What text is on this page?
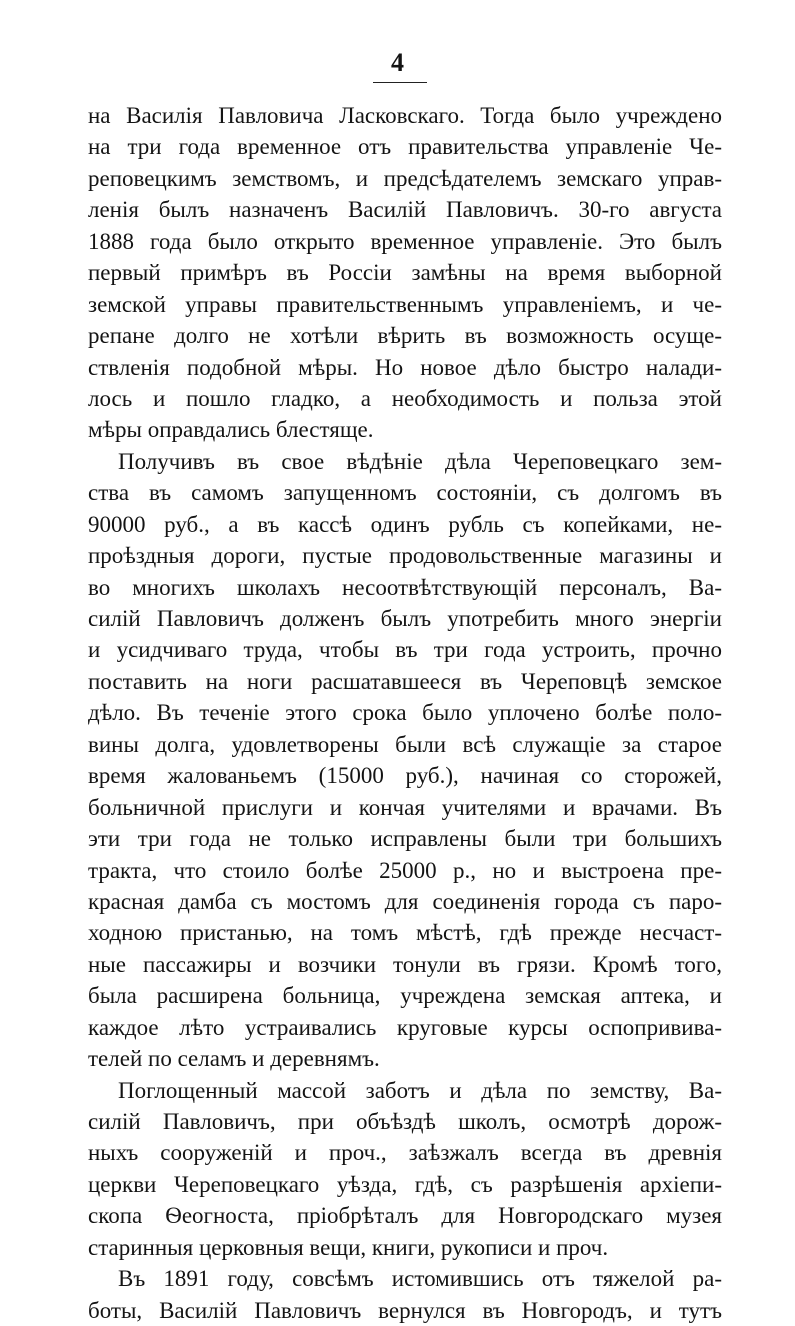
4
на Василія Павловича Ласковскаго. Тогда было учреждено
на три года временное отъ правительства управленіе Че-
реповецкимъ земствомъ, и предсѣдателемъ земскаго управ-
ленія былъ назначенъ Василій Павловичъ. 30-го августа
1888 года было открыто временное управленіе. Это былъ
первый примѣръ въ Россіи замѣны на время выборной
земской управы правительственнымъ управленіемъ, и че-
репане долго не хотѣли вѣрить въ возможность осуще-
ствленія подобной мѣры. Но новое дѣло быстро налади-
лось и пошло гладко, а необходимость и польза этой
мѣры оправдались блестяще.
Получивъ въ свое вѣдѣніе дѣла Череповецкаго зем-
ства въ самомъ запущенномъ состояніи, съ долгомъ въ
90000 руб., а въ кассѣ одинъ рубль съ копейками, не-
проѣздныя дороги, пустые продовольственные магазины и
во многихъ школахъ несоотвѣтствующій персоналъ, Ва-
силій Павловичъ долженъ былъ употребить много энергіи
и усидчиваго труда, чтобы въ три года устроить, прочно
поставить на ноги расшатавшееся въ Череповцѣ земское
дѣло. Въ теченіе этого срока было уплочено болѣе поло-
вины долга, удовлетворены были всѣ служащіе за старое
время жалованьемъ (15000 руб.), начиная со сторожей,
больничной прислуги и кончая учителями и врачами. Въ
эти три года не только исправлены были три большихъ
тракта, что стоило болѣе 25000 р., но и выстроена пре-
красная дамба съ мостомъ для соединенія города съ паро-
ходною пристанью, на томъ мѣстѣ, гдѣ прежде несчаст-
ные пассажиры и возчики тонули въ грязи. Кромѣ того,
была расширена больница, учреждена земская аптека, и
каждое лѣто устраивались круговые курсы оспопривива-
телей по селамъ и деревнямъ.
Поглощенный массой заботъ и дѣла по земству, Ва-
силій Павловичъ, при объѣздѣ школъ, осмотрѣ дорож-
ныхъ сооруженій и проч., заѣзжалъ всегда въ древнія
церкви Череповецкаго уѣзда, гдѣ, съ разрѣшенія архіепи-
скопа Ѳеогноста, пріобрѣталъ для Новгородскаго музея
старинныя церковныя вещи, книги, рукописи и проч.
Въ 1891 году, совсѣмъ истомившись отъ тяжелой ра-
боты, Василій Павловичъ вернулся въ Новгородъ, и тутъ
